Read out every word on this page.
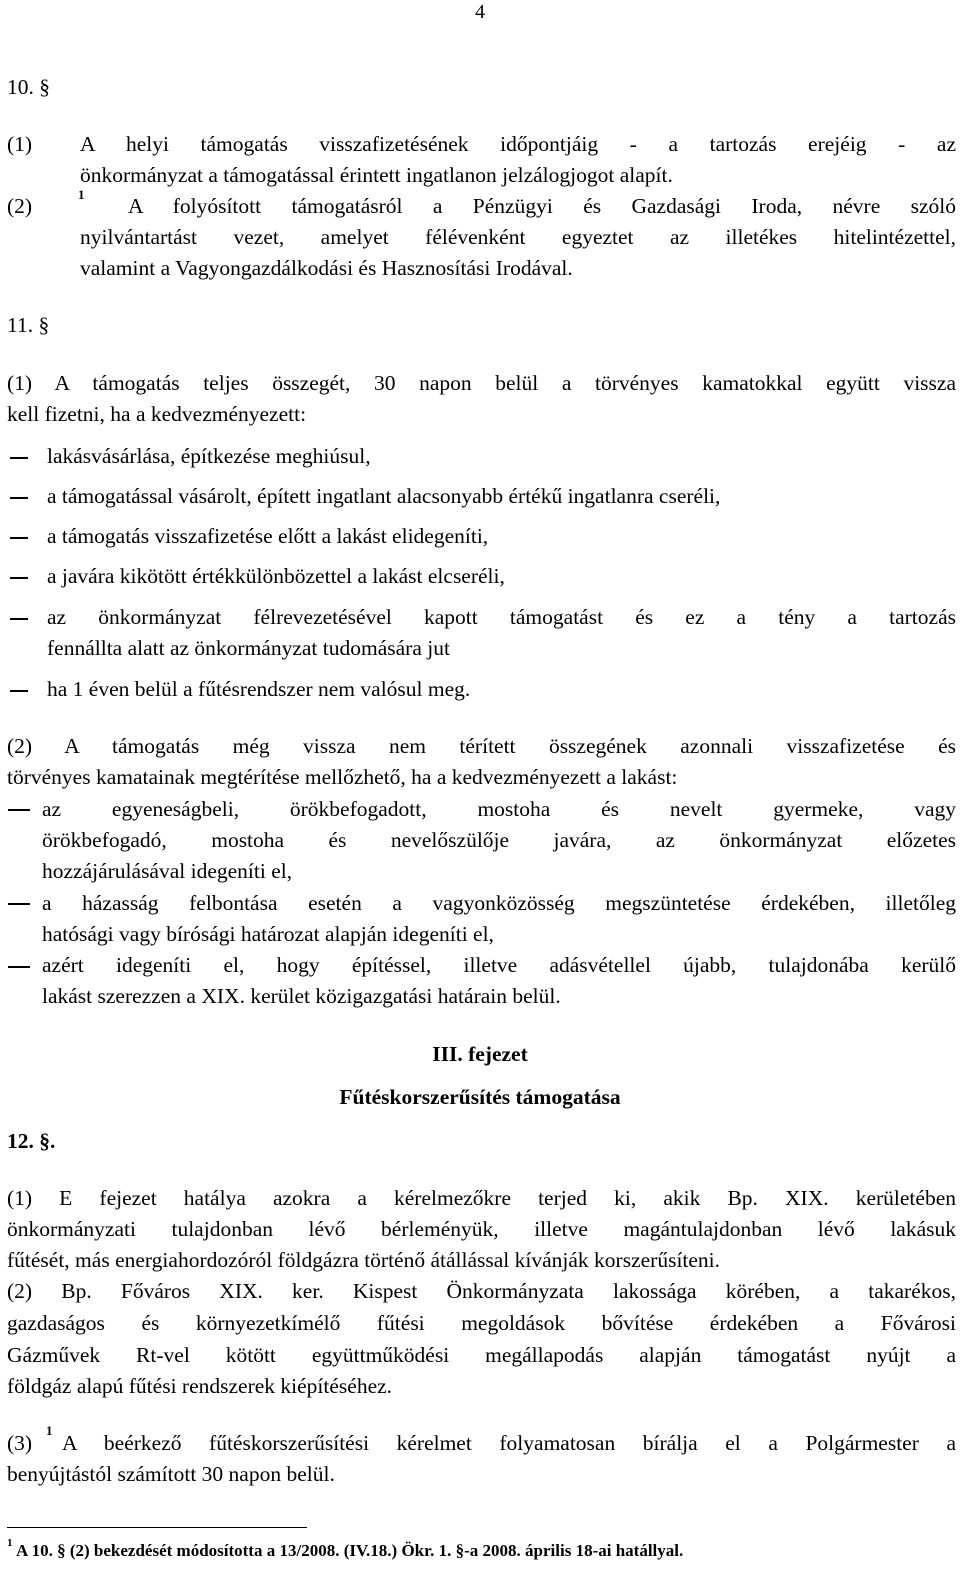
4
10. §
(1) A helyi támogatás visszafizetésének időpontjáig - a tartozás erejéig - az
önkormányzat a támogatással érintett ingatlanon jelzálogjogot alapít.
(2)	1 A folyósított támogatásról a Pénzügyi és Gazdasági Iroda, névre szóló
nyilvántartást vezet, amelyet félévenként egyeztet az illetékes hitelintézettel,
valamint a Vagyongazdálkodási és Hasznosítási Irodával.
11. §
(1) A támogatás teljes összegét, 30 napon belül a törvényes kamatokkal együtt vissza
kell fizetni, ha a kedvezményezett:
lakásvásárlása, építkezése meghiúsul,
a támogatással vásárolt, épített ingatlant alacsonyabb értékű ingatlanra cseréli,
a támogatás visszafizetése előtt a lakást elidegeníti,
a javára kikötött értékkülönbözettel a lakást elcseréli,
az önkormányzat félrevezetésével kapott támogatást és ez a tény a tartozás
fennállta alatt az önkormányzat tudomására jut
ha 1 éven belül a fűtésrendszer nem valósul meg.
(2) A támogatás még vissza nem térített összegének azonnali visszafizetése és
törvényes kamatainak megtérítése mellőzhető, ha a kedvezményezett a lakást:
az egyeneságbeli, örökbefogadott, mostoha és nevelt gyermeke, vagy
örökbefogadó, mostoha és nevelőszülője javára, az önkormányzat előzetes
hozzájárulásával idegeníti el,
a házasság felbontása esetén a vagyonközösség megszüntetése érdekében, illetőleg
hatósági vagy bírósági határozat alapján idegeníti el,
azért idegeníti el, hogy építéssel, illetve adásvétellel újabb, tulajdonába kerülő
lakást szerezzen a XIX. kerület közigazgatási határain belül.
III. fejezet
Fűtéskorszerűsítés támogatása
12. §.
(1) E fejezet hatálya azokra a kérelmezőkre terjed ki, akik Bp. XIX. kerületében
önkormányzati tulajdonban lévő bérleményük, illetve magántulajdonban lévő lakásuk
fűtését, más energiahordozóról földgázra történő átállással kívánják korszerűsíteni.
(2) Bp. Főváros XIX. ker. Kispest Önkormányzata lakossága körében, a takarékos,
gazdaságos és környezetkímélő fűtési megoldások bővítése érdekében a Fővárosi
Gázművek Rt-vel kötött együttműködési megállapodás alapján támogatást nyújt a
földgáz alapú fűtési rendszerek kiépítéséhez.
(3)
1
A beérkező fűtéskorszerűsítési kérelmet folyamatosan bírálja el a Polgármester a
benyújtástól számított 30 napon belül.
1 A 10. § (2) bekezdését módosította a 13/2008. (IV.18.) Ökr. 1. §-a 2008. április 18-ai hatállyal.
